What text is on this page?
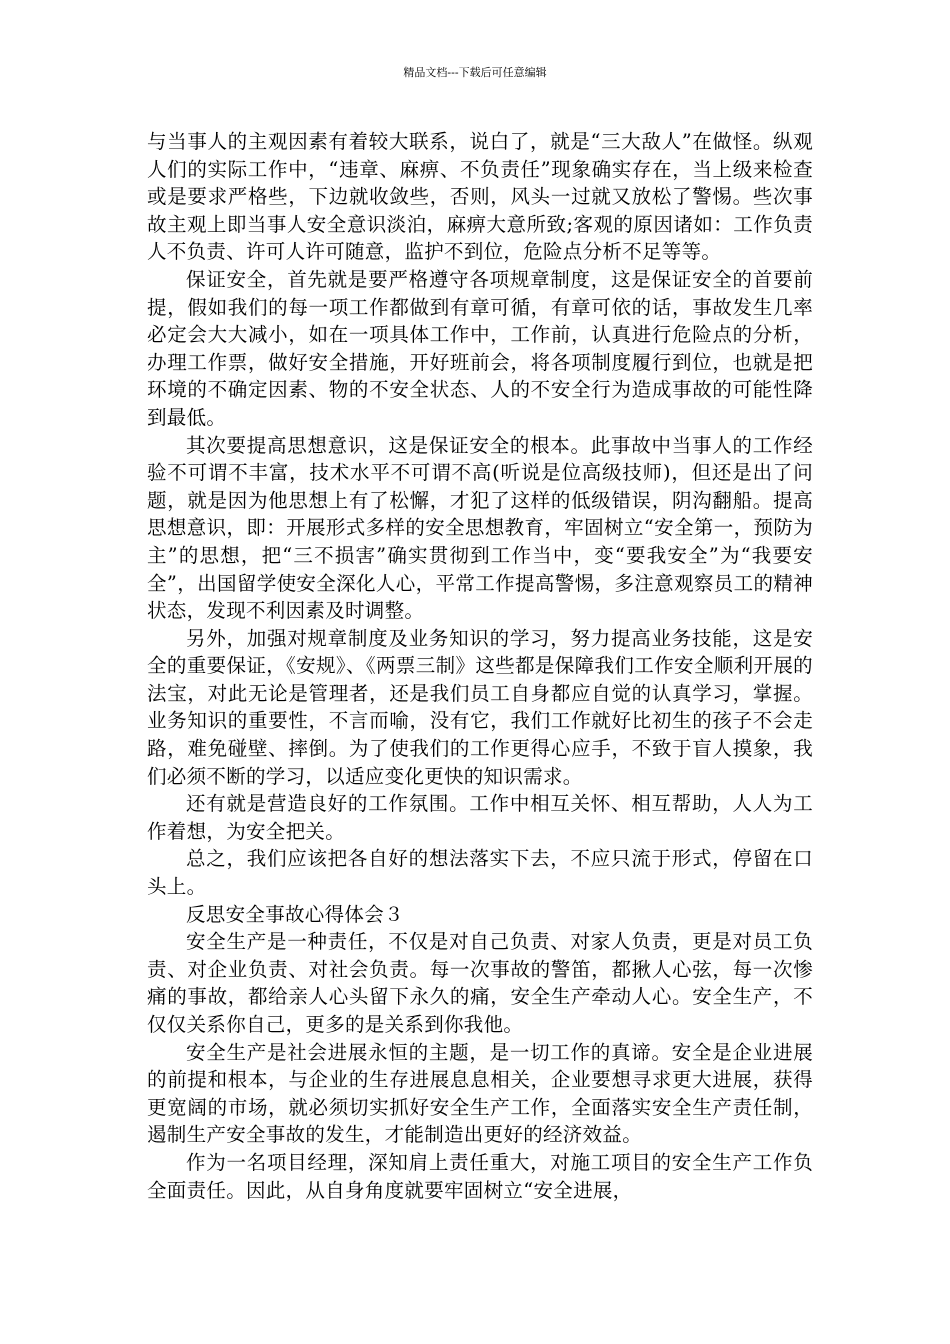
精品文档---下载后可任意编辑

与当事人的主观因素有着较大联系，说白了，就是“三大敌人”在做怪。纵观人们的实际工作中，“违章、麻痹、不负责任”现象确实存在，当上级来检查或是要求严格些，下边就收敛些，否则，风头一过就又放松了警惕。些次事故主观上即当事人安全意识淡泊，麻痹大意所致;客观的原因诸如：工作负责人不负责、许可人许可随意，监护不到位，危险点分析不足等等。

保证安全，首先就是要严格遵守各项规章制度，这是保证安全的首要前提，假如我们的每一项工作都做到有章可循，有章可依的话，事故发生几率必定会大大减小，如在一项具体工作中，工作前，认真进行危险点的分析，办理工作票，做好安全措施，开好班前会，将各项制度履行到位，也就是把环境的不确定因素、物的不安全状态、人的不安全行为造成事故的可能性降到最低。

其次要提高思想意识，这是保证安全的根本。此事故中当事人的工作经验不可谓不丰富，技术水平不可谓不高(听说是位高级技师)，但还是出了问题，就是因为他思想上有了松懈，才犯了这样的低级错误，阴沟翻船。提高思想意识，即：开展形式多样的安全思想教育，牢固树立“安全第一，预防为主”的思想，把“三不损害”确实贯彻到工作当中，变“要我安全”为“我要安全”，出国留学使安全深化人心，平常工作提高警惕，多注意观察员工的精神状态，发现不利因素及时调整。

另外，加强对规章制度及业务知识的学习，努力提高业务技能，这是安全的重要保证，《安规》、《两票三制》这些都是保障我们工作安全顺利开展的法宝，对此无论是管理者，还是我们员工自身都应自觉的认真学习，掌握。业务知识的重要性，不言而喻，没有它，我们工作就好比初生的孩子不会走路，难免碰壁、摔倒。为了使我们的工作更得心应手，不致于盲人摸象，我们必须不断的学习，以适应变化更快的知识需求。

还有就是营造良好的工作氛围。工作中相互关怀、相互帮助，人人为工作着想，为安全把关。

总之，我们应该把各自好的想法落实下去，不应只流于形式，停留在口头上。

反思安全事故心得体会３

安全生产是一种责任，不仅是对自己负责、对家人负责，更是对员工负责、对企业负责、对社会负责。每一次事故的警笛，都揪人心弦，每一次惨痛的事故，都给亲人心头留下永久的痛，安全生产牵动人心。安全生产，不仅仅关系你自己，更多的是关系到你我他。

安全生产是社会进展永恒的主题，是一切工作的真谛。安全是企业进展的前提和根本，与企业的生存进展息息相关，企业要想寻求更大进展，获得更宽阔的市场，就必须切实抓好安全生产工作，全面落实安全生产责任制，遏制生产安全事故的发生，才能制造出更好的经济效益。

作为一名项目经理，深知肩上责任重大，对施工项目的安全生产工作负全面责任。因此，从自身角度就要牢固树立“安全进展，
